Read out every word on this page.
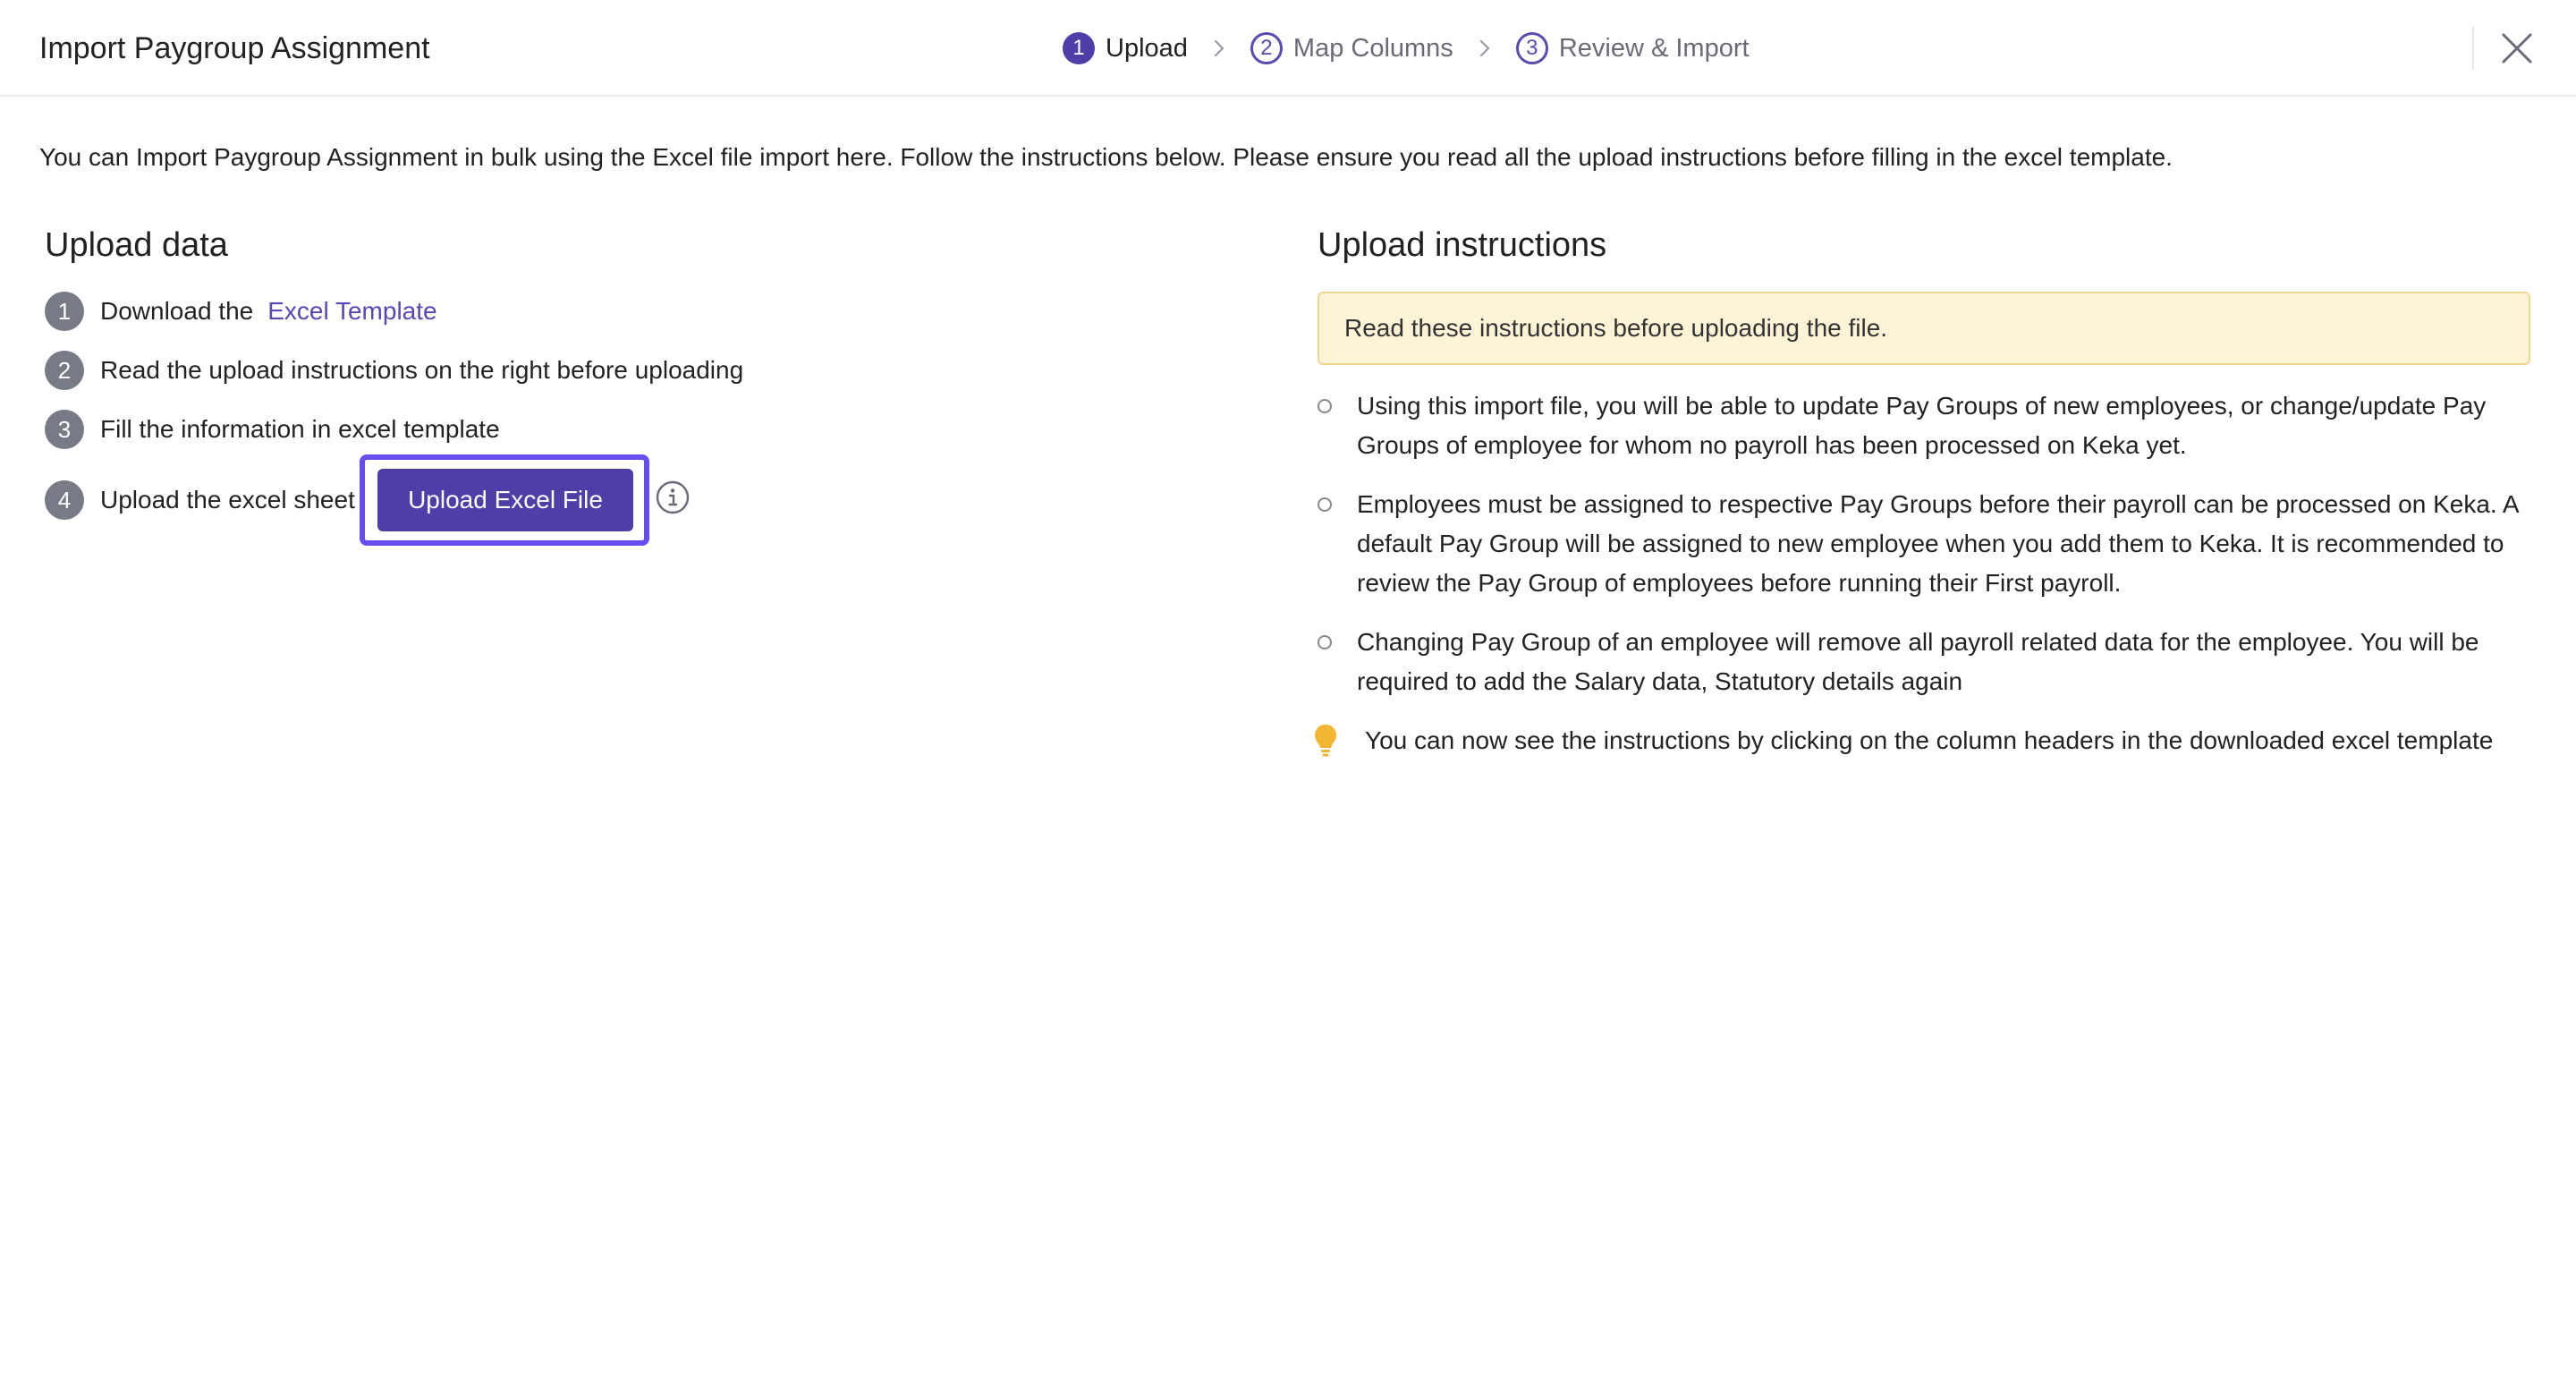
Import Paygroup Assignment	1 Upload	2 Map Columns	3 Review & Import
You can Import Paygroup Assignment in bulk using the Excel file import here. Follow the instructions below. Please ensure you read all the upload instructions before filling in the excel template.
Upload data
1	Download the Excel Template
2	Read the upload instructions on the right before uploading
3	Fill the information in excel template
4	Upload the excel sheet	Upload Excel File
Upload instructions
Read these instructions before uploading the file.
Using this import file, you will be able to update Pay Groups of new employees, or change/update Pay Groups of employee for whom no payroll has been processed on Keka yet.
Employees must be assigned to respective Pay Groups before their payroll can be processed on Keka. A default Pay Group will be assigned to new employee when you add them to Keka. It is recommended to review the Pay Group of employees before running their First payroll.
Changing Pay Group of an employee will remove all payroll related data for the employee. You will be required to add the Salary data, Statutory details again
You can now see the instructions by clicking on the column headers in the downloaded excel template
